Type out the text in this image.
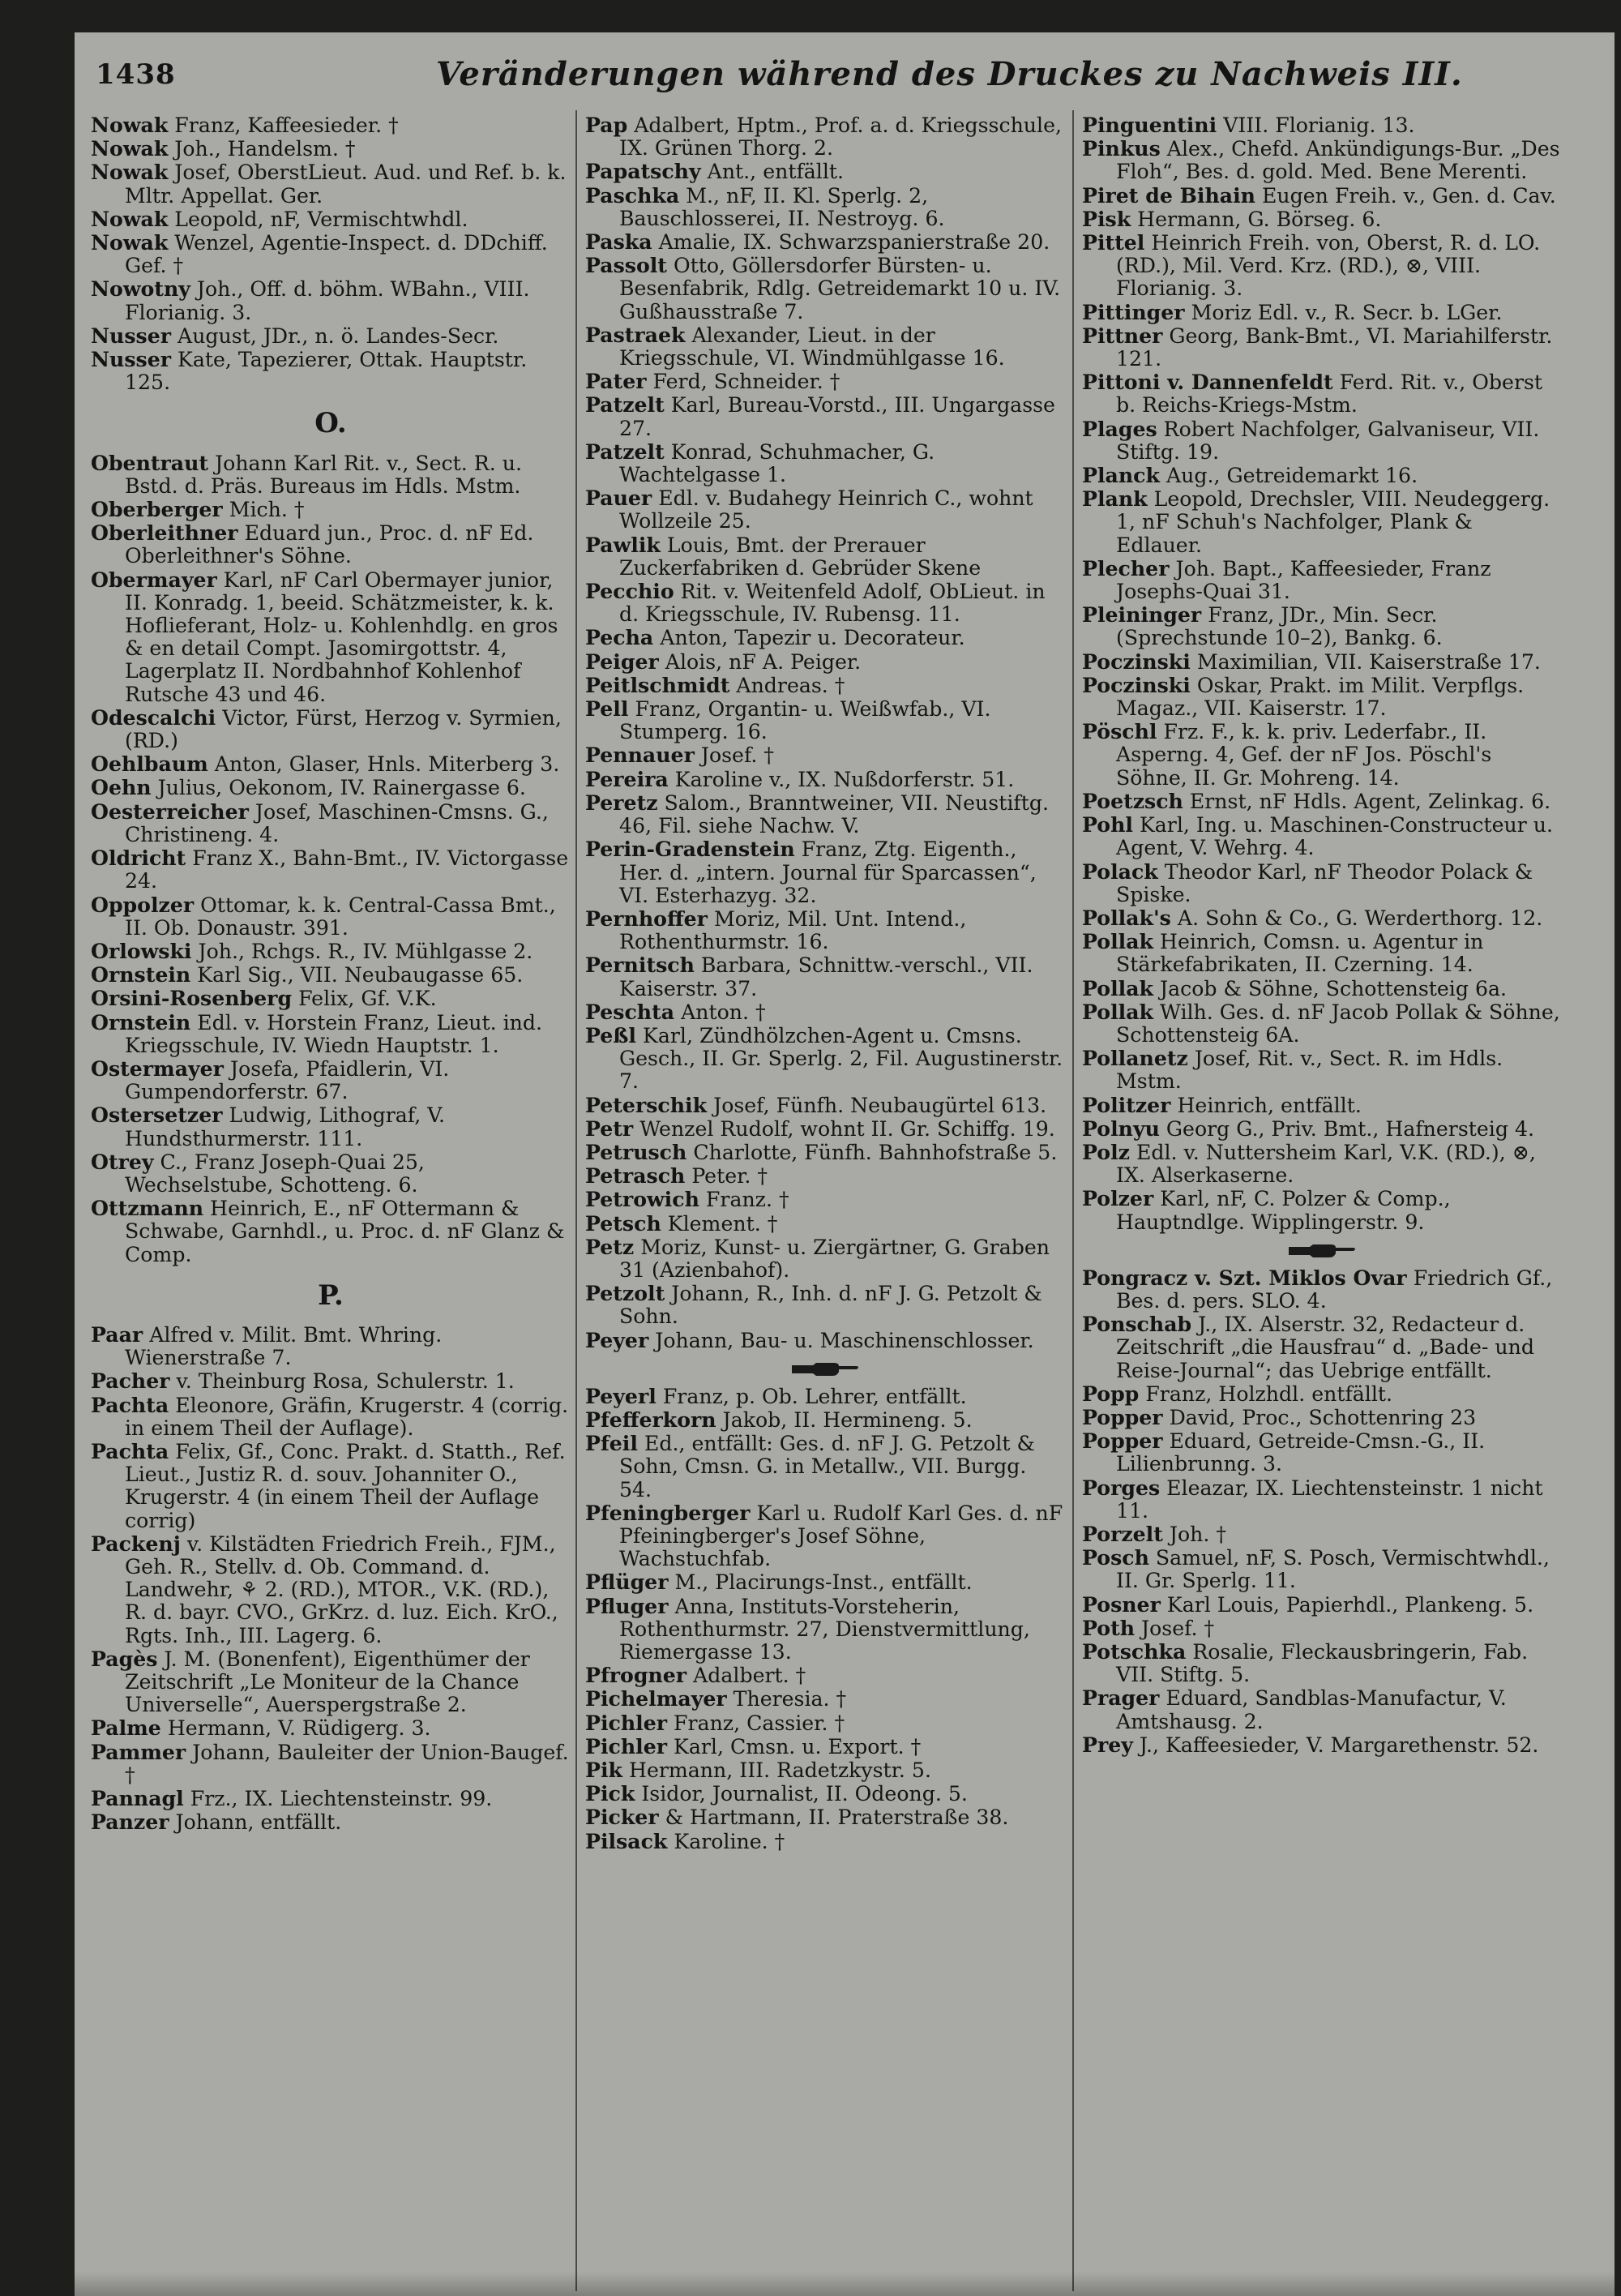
1438	Veränderungen während des Druckes zu Nachweis III.

Nowak Franz, Kaffeesieder. †

Nowak Joh., Handelsm. †

Nowak Josef, OberstLieut. Aud. und Ref. b. k. Mltr. Appellat. Ger.

Nowak Leopold, nF, Vermischtwhdl.

Nowak Wenzel, Agentie-Inspect. d. DDchiff. Gef. †

Nowotny Joh., Off. d. böhm. WBahn., VIII. Florianig. 3.

Nusser August, JDr., n. ö. Landes-Secr.

Nusser Kate, Tapezierer, Ottak. Hauptstr. 125.

O.

Obentraut Johann Karl Rit. v., Sect. R. u. Bstd. d. Präs. Bureaus im Hdls. Mstm.

Oberberger Mich. †

Oberleithner Eduard jun., Proc. d. nF Ed. Oberleithner's Söhne.

Obermayer Karl, nF Carl Obermayer junior, II. Konradg. 1, beeid. Schätzmeister, k. k. Hoflieferant, Holz- u. Kohlenhdlg. en gros & en detail Compt. Jasomirgottstr. 4, Lagerplatz II. Nordbahnhof Kohlenhof Rutsche 43 und 46.

Odescalchi Victor, Fürst, Herzog v. Syrmien, (RD.)

Oehlbaum Anton, Glaser, Hnls. Miterberg 3.

Oehn Julius, Oekonom, IV. Rainergasse 6.

Oesterreicher Josef, Maschinen-Cmsns. G., Christineng. 4.

Oldricht Franz X., Bahn-Bmt., IV. Victorgasse 24.

Oppolzer Ottomar, k. k. Central-Cassa Bmt., II. Ob. Donaustr. 391.

Orlowski Joh., Rchgs. R., IV. Mühlgasse 2.

Ornstein Karl Sig., VII. Neubaugasse 65.

Orsini-Rosenberg Felix, Gf. V.K.

Ornstein Edl. v. Horstein Franz, Lieut. ind. Kriegsschule, IV. Wiedn Hauptstr. 1.

Ostermayer Josefa, Pfaidlerin, VI. Gumpendorferstr. 67.

Ostersetzer Ludwig, Lithograf, V. Hundsthurmerstr. 111.

Otrey C., Franz Joseph-Quai 25, Wechselstube, Schotteng. 6.

Ottzmann Heinrich, E., nF Ottermann & Schwabe, Garnhdl., u. Proc. d. nF Glanz & Comp.

P.

Paar Alfred v. Milit. Bmt. Whring. Wienerstraße 7.

Pacher v. Theinburg Rosa, Schulerstr. 1.

Pachta Eleonore, Gräfin, Krugerstr. 4 (corrig. in einem Theil der Auflage).

Pachta Felix, Gf., Conc. Prakt. d. Statth., Ref. Lieut., Justiz R. d. souv. Johanniter O., Krugerstr. 4 (in einem Theil der Auflage corrig)

Packenj v. Kilstädten Friedrich Freih., FJM., Geh. R., Stellv. d. Ob. Command. d. Landwehr, ⚘ 2. (RD.), MTOR., V.K. (RD.), R. d. bayr. CVO., GrKrz. d. luz. Eich. KrO., Rgts. Inh., III. Lagerg. 6.

Pagès J. M. (Bonenfent), Eigenthümer der Zeitschrift „Le Moniteur de la Chance Universelle“, Auerspergstraße 2.

Palme Hermann, V. Rüdigerg. 3.

Pammer Johann, Bauleiter der Union-Baugef. †

Pannagl Frz., IX. Liechtensteinstr. 99.

Panzer Johann, entfällt.

Pap Adalbert, Hptm., Prof. a. d. Kriegsschule, IX. Grünen Thorg. 2.

Papatschy Ant., entfällt.

Paschka M., nF, II. Kl. Sperlg. 2, Bauschlosserei, II. Nestroyg. 6.

Paska Amalie, IX. Schwarzspanierstraße 20.

Passolt Otto, Göllersdorfer Bürsten- u. Besenfabrik, Rdlg. Getreidemarkt 10 u. IV. Gußhausstraße 7.

Pastraek Alexander, Lieut. in der Kriegsschule, VI. Windmühlgasse 16.

Pater Ferd, Schneider. †

Patzelt Karl, Bureau-Vorstd., III. Ungargasse 27.

Patzelt Konrad, Schuhmacher, G. Wachtelgasse 1.

Pauer Edl. v. Budahegy Heinrich C., wohnt Wollzeile 25.

Pawlik Louis, Bmt. der Prerauer Zuckerfabriken d. Gebrüder Skene

Pecchio Rit. v. Weitenfeld Adolf, ObLieut. in d. Kriegsschule, IV. Rubensg. 11.

Pecha Anton, Tapezir u. Decorateur.

Peiger Alois, nF A. Peiger.

Peitlschmidt Andreas. †

Pell Franz, Organtin- u. Weißwfab., VI. Stumperg. 16.

Pennauer Josef. †

Pereira Karoline v., IX. Nußdorferstr. 51.

Peretz Salom., Branntweiner, VII. Neustiftg. 46, Fil. siehe Nachw. V.

Perin-Gradenstein Franz, Ztg. Eigenth., Her. d. „intern. Journal für Sparcassen“, VI. Esterhazyg. 32.

Pernhoffer Moriz, Mil. Unt. Intend., Rothenthurmstr. 16.

Pernitsch Barbara, Schnittw.-verschl., VII. Kaiserstr. 37.

Peschta Anton. †

Peßl Karl, Zündhölzchen-Agent u. Cmsns. Gesch., II. Gr. Sperlg. 2, Fil. Augustinerstr. 7.

Peterschik Josef, Fünfh. Neubaugürtel 613.

Petr Wenzel Rudolf, wohnt II. Gr. Schiffg. 19.

Petrusch Charlotte, Fünfh. Bahnhofstraße 5.

Petrasch Peter. †

Petrowich Franz. †

Petsch Klement. †

Petz Moriz, Kunst- u. Ziergärtner, G. Graben 31 (Azienbahof).

Petzolt Johann, R., Inh. d. nF J. G. Petzolt & Sohn.

Peyer Johann, Bau- u. Maschinenschlosser.

Peyerl Franz, p. Ob. Lehrer, entfällt.

Pfefferkorn Jakob, II. Hermineng. 5.

Pfeil Ed., entfällt: Ges. d. nF J. G. Petzolt & Sohn, Cmsn. G. in Metallw., VII. Burgg. 54.

Pfeningberger Karl u. Rudolf Karl Ges. d. nF Pfeiningberger's Josef Söhne, Wachstuchfab.

Pflüger M., Placirungs-Inst., entfällt.

Pfluger Anna, Instituts-Vorsteherin, Rothenthurmstr. 27, Dienstvermittlung, Riemergasse 13.

Pfrogner Adalbert. †

Pichelmayer Theresia. †

Pichler Franz, Cassier. †

Pichler Karl, Cmsn. u. Export. †

Pik Hermann, III. Radetzkystr. 5.

Pick Isidor, Journalist, II. Odeong. 5.

Picker & Hartmann, II. Praterstraße 38.

Pilsack Karoline. †

Pinguentini VIII. Florianig. 13.

Pinkus Alex., Chefd. Ankündigungs-Bur. „Des Floh“, Bes. d. gold. Med. Bene Merenti.

Piret de Bihain Eugen Freih. v., Gen. d. Cav.

Pisk Hermann, G. Börseg. 6.

Pittel Heinrich Freih. von, Oberst, R. d. LO. (RD.), Mil. Verd. Krz. (RD.), ⊗, VIII. Florianig. 3.

Pittinger Moriz Edl. v., R. Secr. b. LGer.

Pittner Georg, Bank-Bmt., VI. Mariahilferstr. 121.

Pittoni v. Dannenfeldt Ferd. Rit. v., Oberst b. Reichs-Kriegs-Mstm.

Plages Robert Nachfolger, Galvaniseur, VII. Stiftg. 19.

Planck Aug., Getreidemarkt 16.

Plank Leopold, Drechsler, VIII. Neudeggerg. 1, nF Schuh's Nachfolger, Plank & Edlauer.

Plecher Joh. Bapt., Kaffeesieder, Franz Josephs-Quai 31.

Pleininger Franz, JDr., Min. Secr. (Sprechstunde 10–2), Bankg. 6.

Poczinski Maximilian, VII. Kaiserstraße 17.

Poczinski Oskar, Prakt. im Milit. Verpflgs. Magaz., VII. Kaiserstr. 17.

Pöschl Frz. F., k. k. priv. Lederfabr., II. Asperng. 4, Gef. der nF Jos. Pöschl's Söhne, II. Gr. Mohreng. 14.

Poetzsch Ernst, nF Hdls. Agent, Zelinkag. 6.

Pohl Karl, Ing. u. Maschinen-Constructeur u. Agent, V. Wehrg. 4.

Polack Theodor Karl, nF Theodor Polack & Spiske.

Pollak's A. Sohn & Co., G. Werderthorg. 12.

Pollak Heinrich, Comsn. u. Agentur in Stärkefabrikaten, II. Czerning. 14.

Pollak Jacob & Söhne, Schottensteig 6a.

Pollak Wilh. Ges. d. nF Jacob Pollak & Söhne, Schottensteig 6A.

Pollanetz Josef, Rit. v., Sect. R. im Hdls. Mstm.

Politzer Heinrich, entfällt.

Polnyu Georg G., Priv. Bmt., Hafnersteig 4.

Polz Edl. v. Nuttersheim Karl, V.K. (RD.), ⊗, IX. Alserkaserne.

Polzer Karl, nF, C. Polzer & Comp., Hauptndlge. Wipplingerstr. 9.

Pongracz v. Szt. Miklos Ovar Friedrich Gf., Bes. d. pers. SLO. 4.

Ponschab J., IX. Alserstr. 32, Redacteur d. Zeitschrift „die Hausfrau“ d. „Bade- und Reise-Journal“; das Uebrige entfällt.

Popp Franz, Holzhdl. entfällt.

Popper David, Proc., Schottenring 23

Popper Eduard, Getreide-Cmsn.-G., II. Lilienbrunng. 3.

Porges Eleazar, IX. Liechtensteinstr. 1 nicht 11.

Porzelt Joh. †

Posch Samuel, nF, S. Posch, Vermischtwhdl., II. Gr. Sperlg. 11.

Posner Karl Louis, Papierhdl., Plankeng. 5.

Poth Josef. †

Potschka Rosalie, Fleckausbringerin, Fab. VII. Stiftg. 5.

Prager Eduard, Sandblas-Manufactur, V. Amtshausg. 2.

Prey J., Kaffeesieder, V. Margarethenstr. 52.
